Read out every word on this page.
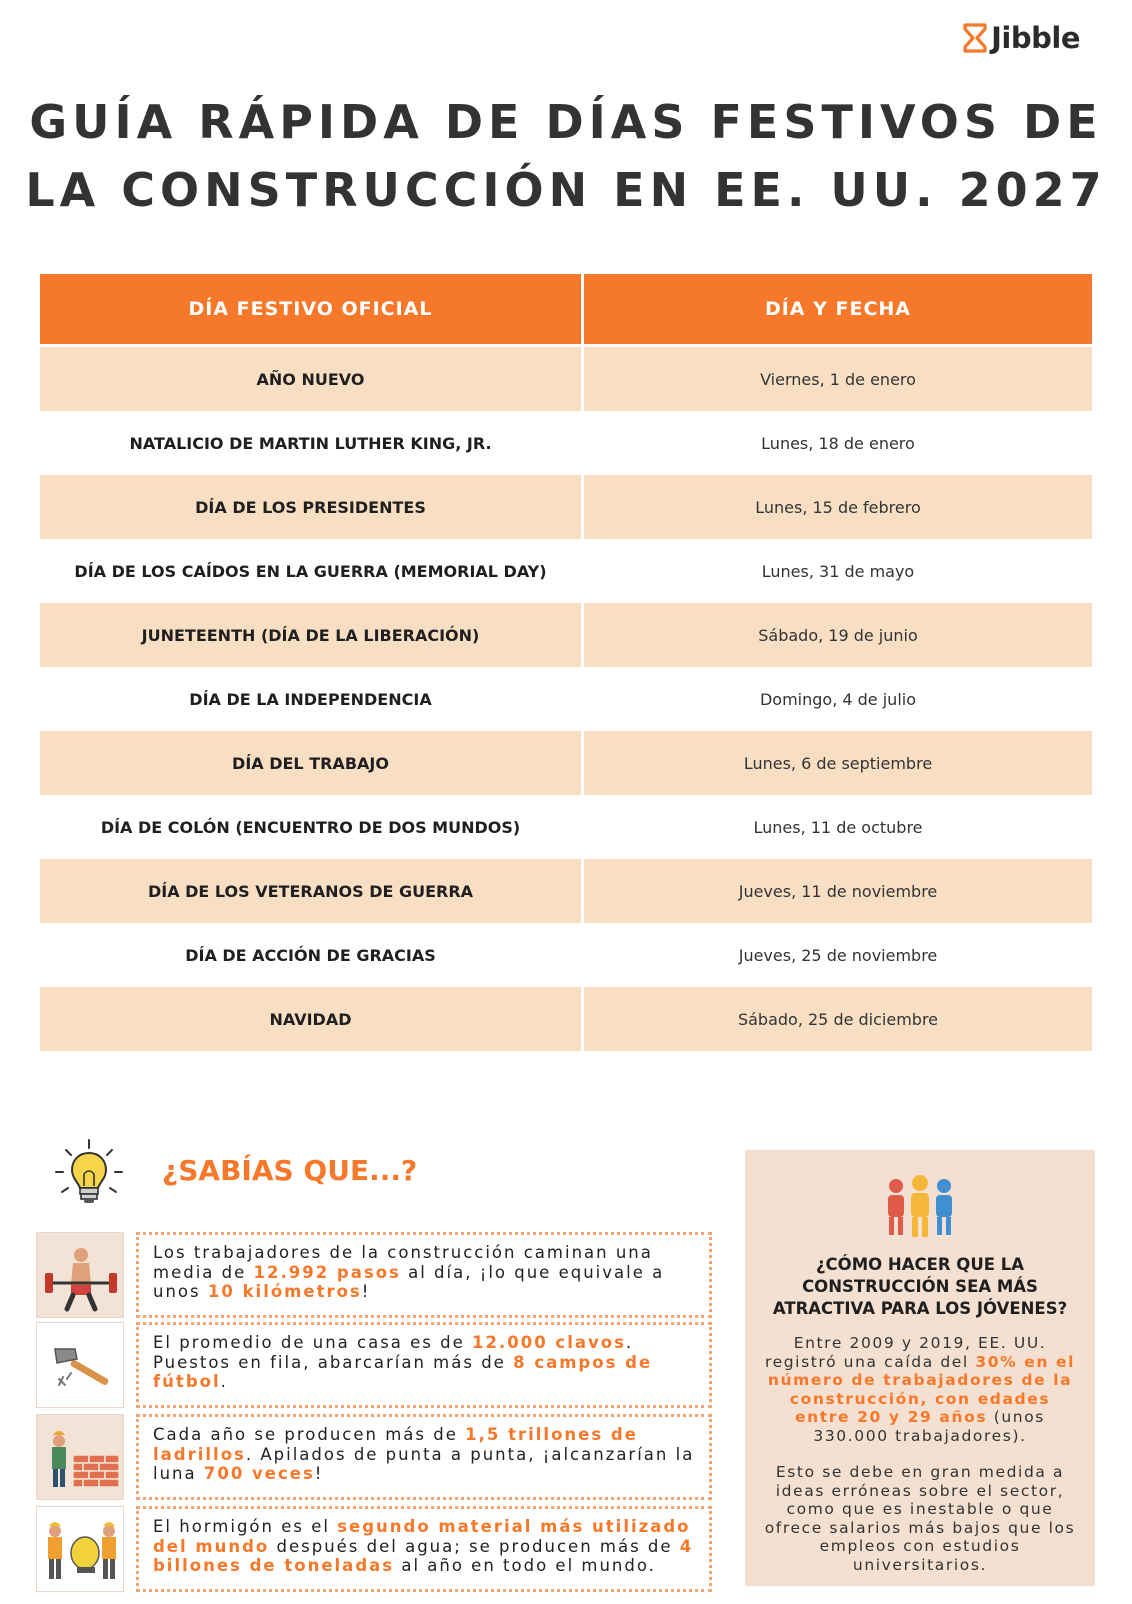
Jibble
GUÍA RÁPIDA DE DÍAS FESTIVOS DE
LA CONSTRUCCIÓN EN EE. UU. 2027
DÍA FESTIVO OFICIAL	DÍA Y FECHA
AÑO NUEVO	Viernes, 1 de enero
NATALICIO DE MARTIN LUTHER KING, JR.	Lunes, 18 de enero
DÍA DE LOS PRESIDENTES	Lunes, 15 de febrero
DÍA DE LOS CAÍDOS EN LA GUERRA (MEMORIAL DAY)	Lunes, 31 de mayo
JUNETEENTH (DÍA DE LA LIBERACIÓN)	Sábado, 19 de junio
DÍA DE LA INDEPENDENCIA	Domingo, 4 de julio
DÍA DEL TRABAJO	Lunes, 6 de septiembre
DÍA DE COLÓN (ENCUENTRO DE DOS MUNDOS)	Lunes, 11 de octubre
DÍA DE LOS VETERANOS DE GUERRA	Jueves, 11 de noviembre
DÍA DE ACCIÓN DE GRACIAS	Jueves, 25 de noviembre
NAVIDAD	Sábado, 25 de diciembre
¿SABÍAS QUE...?
Los trabajadores de la construcción caminan una media de 12.992 pasos al día, ¡lo que equivale a unos 10 kilómetros!
El promedio de una casa es de 12.000 clavos. Puestos en fila, abarcarían más de 8 campos de fútbol.
Cada año se producen más de 1,5 trillones de ladrillos. Apilados de punta a punta, ¡alcanzarían la luna 700 veces!
El hormigón es el segundo material más utilizado del mundo después del agua; se producen más de 4 billones de toneladas al año en todo el mundo.
¿CÓMO HACER QUE LA CONSTRUCCIÓN SEA MÁS ATRACTIVA PARA LOS JÓVENES?

Entre 2009 y 2019, EE. UU. registró una caída del 30% en el número de trabajadores de la construcción, con edades entre 20 y 29 años (unos 330.000 trabajadores).

Esto se debe en gran medida a ideas erróneas sobre el sector, como que es inestable o que ofrece salarios más bajos que los empleos con estudios universitarios.
